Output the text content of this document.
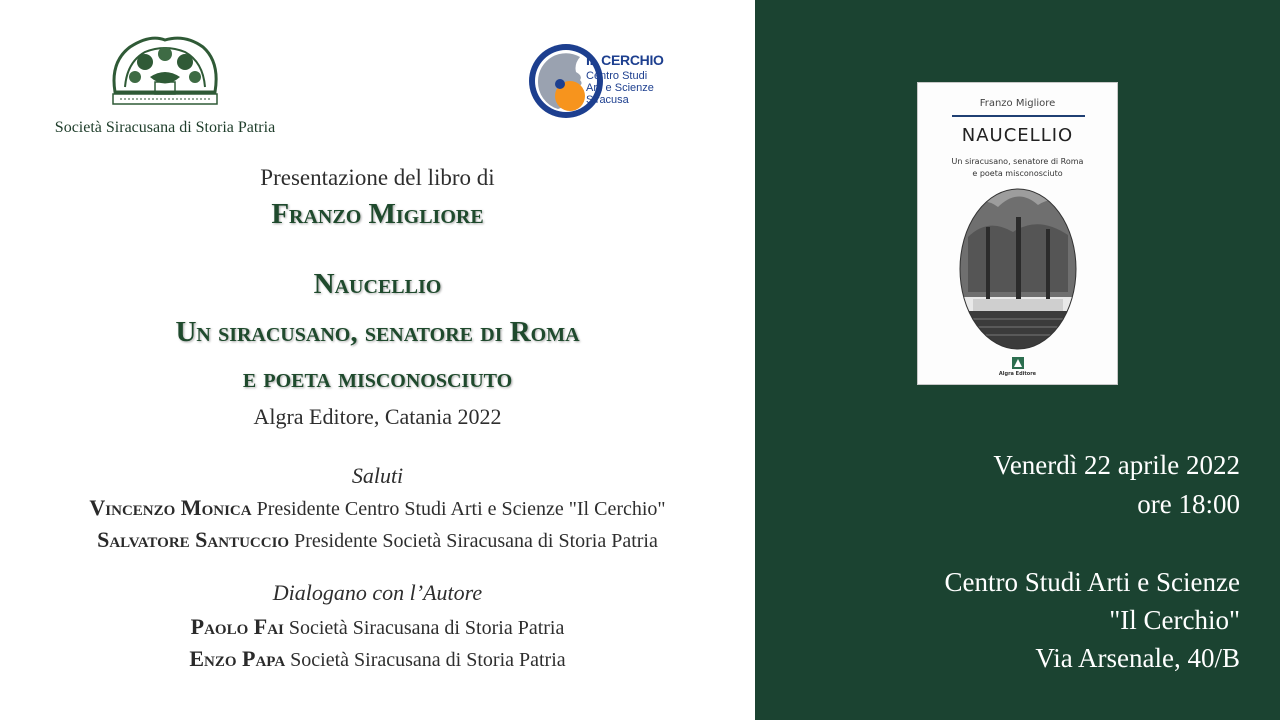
Società Siracusana di Storia Patria
IL CERCHIO
Centro Studi
Arti e Scienze
Siracusa
Presentazione del libro di
Franzo Migliore
Naucellio
Un siracusano, senatore di Roma
e poeta misconosciuto
Algra Editore, Catania 2022
Saluti
Vincenzo Monica Presidente Centro Studi Arti e Scienze "Il Cerchio"
Salvatore Santuccio Presidente Società Siracusana di Storia Patria
Dialogano con l’Autore
Paolo Fai Società Siracusana di Storia Patria
Enzo Papa Società Siracusana di Storia Patria
Franzo Migliore
NAUCELLIO
Un siracusano, senatore di Roma
e poeta misconosciuto
Algra Editore
Venerdì 22 aprile 2022
ore 18:00
Centro Studi Arti e Scienze
"Il Cerchio"
Via Arsenale, 40/B
